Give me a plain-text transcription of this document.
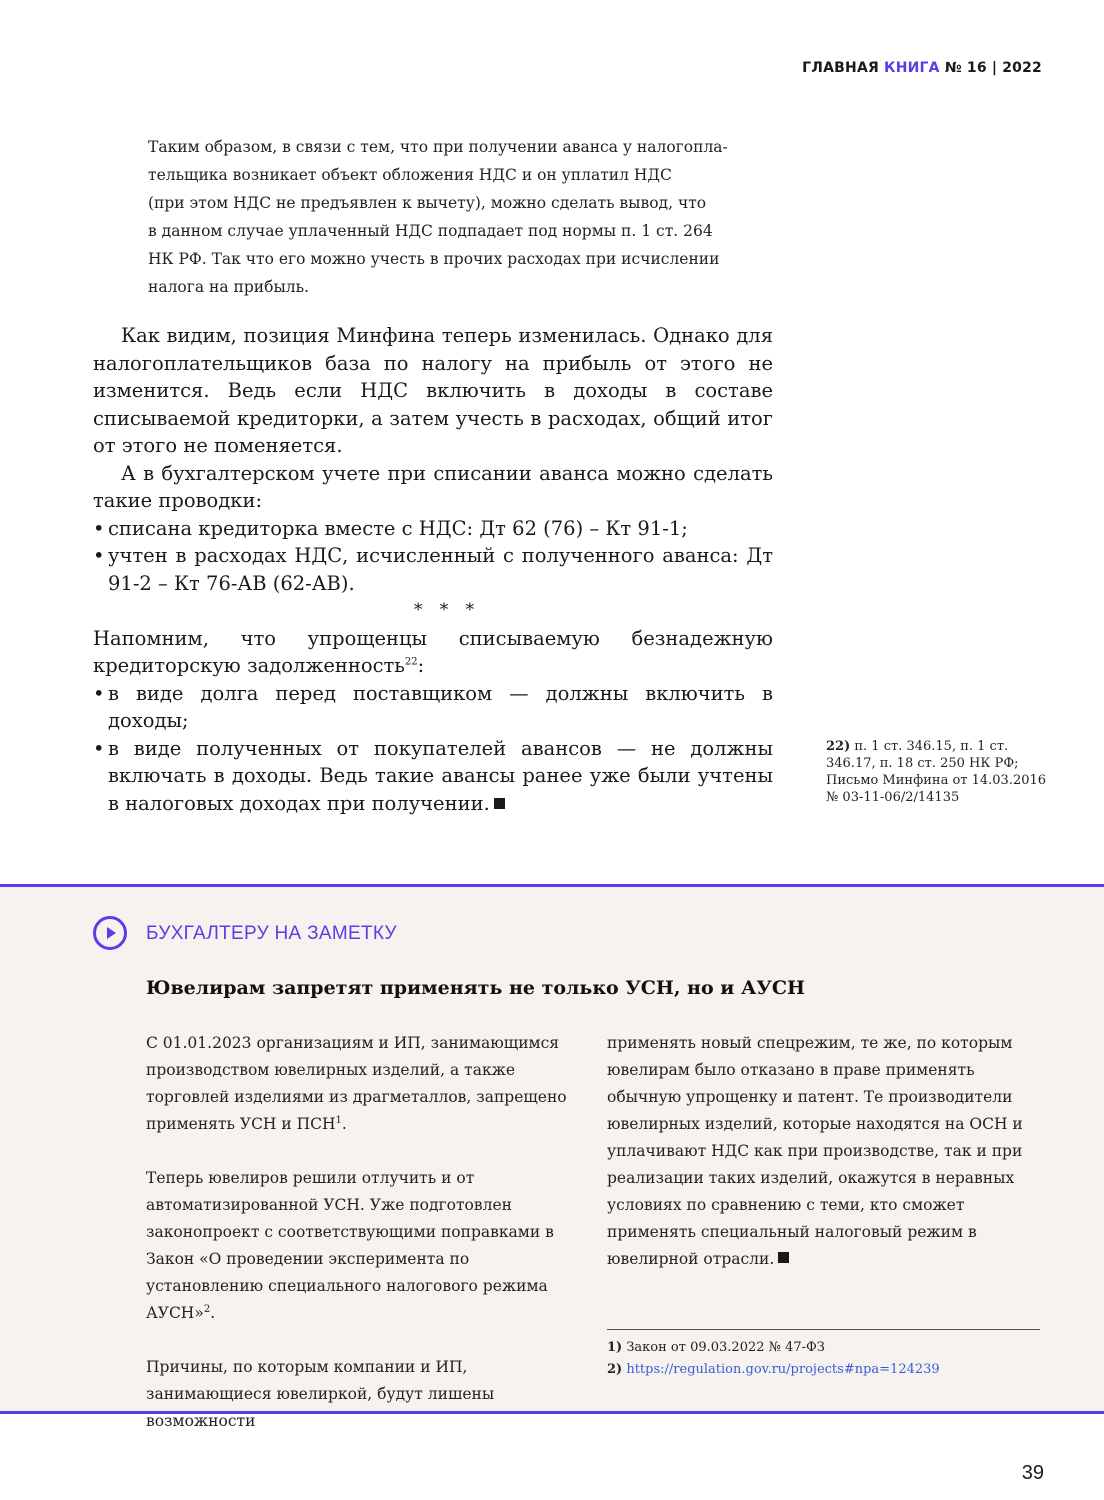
ГЛАВНАЯ КНИГА № 16 | 2022

Таким образом, в связи с тем, что при получении аванса у налогопла-

тельщика возникает объект обложения НДС и он уплатил НДС

(при этом НДС не предъявлен к вычету), можно сделать вывод, что

в данном случае уплаченный НДС подпадает под нормы п. 1 ст. 264

НК РФ. Так что его можно учесть в прочих расходах при исчислении

налога на прибыль.

Как видим, позиция Минфина теперь изменилась. Однако для налогоплательщиков база по налогу на прибыль от этого не изменится. Ведь если НДС включить в доходы в составе списываемой кредиторки, а затем учесть в расходах, общий итог от этого не поменяется.

А в бухгалтерском учете при списании аванса можно сделать такие проводки:

• списана кредиторка вместе с НДС: Дт 62 (76) – Кт 91-1;
• учтен в расходах НДС, исчисленный с полученного аванса: Дт 91-2 – Кт 76-АВ (62-АВ).

* * *

Напомним, что упрощенцы списываемую безнадежную кредиторскую задолженность$^{22}$:

• в виде долга перед поставщиком — должны включить в доходы;
• в виде полученных от покупателей авансов — не должны включать в доходы. Ведь такие авансы ранее уже были учтены в налоговых доходах при получении.
22) п. 1 ст. 346.15, п. 1 ст. 346.17, п. 18 ст. 250 НК РФ; Письмо Минфина от 14.03.2016 № 03-11-06/2/14135
БУХГАЛТЕРУ НА ЗАМЕТКУ
Ювелирам запретят применять не только УСН, но и АУСН

С 01.01.2023 организациям и ИП, занимающимся производством ювелирных изделий, а также торговлей изделиями из драгметаллов, запрещено применять УСН и ПСН$^1$.

Теперь ювелиров решили отлучить и от автоматизированной УСН. Уже подготовлен законопроект с соответствующими поправками в Закон «О проведении эксперимента по установлению специального налогового режима АУСН»$^2$.

Причины, по которым компании и ИП, занимающиеся ювелиркой, будут лишены возможности

применять новый спецрежим, те же, по которым ювелирам было отказано в праве применять обычную упрощенку и патент. Те производители ювелирных изделий, которые находятся на ОСН и уплачивают НДС как при производстве, так и при реализации таких изделий, окажутся в неравных условиях по сравнению с теми, кто сможет применять специальный налоговый режим в ювелирной отрасли.

1) Закон от 09.03.2022 № 47-ФЗ
2) https://regulation.gov.ru/projects#npa=124239
39
